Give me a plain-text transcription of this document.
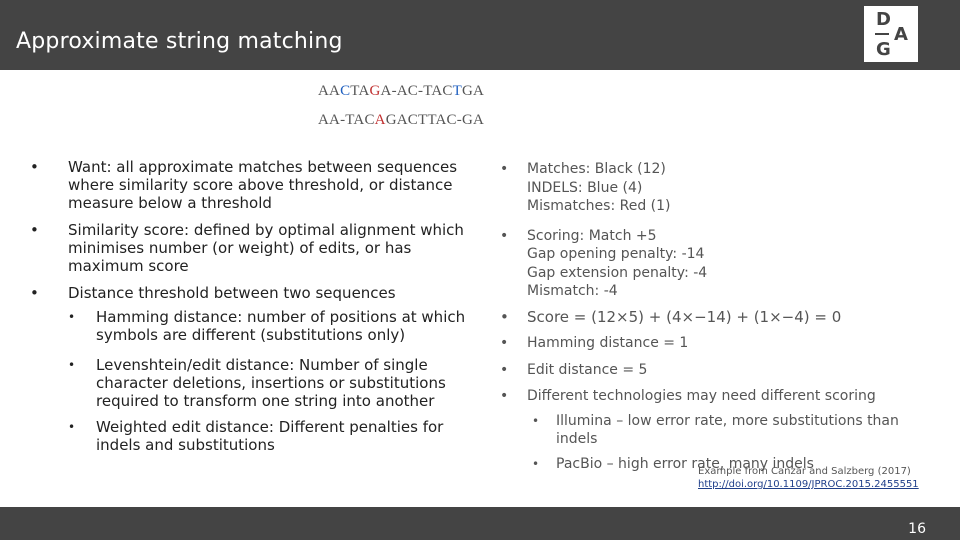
Approximate string matching
D
A
G
AACTAGA-AC-TACTGA
AA-TACAGACTTAC-GA
• Want: all approximate matches between sequences where similarity score above threshold, or distance measure below a threshold
• Similarity score: defined by optimal alignment which minimises number (or weight) of edits, or has maximum score
• Distance threshold between two sequences
• Hamming distance: number of positions at which symbols are different (substitutions only)
• Levenshtein/edit distance: Number of single character deletions, insertions or substitutions required to transform one string into another
• Weighted edit distance: Different penalties for indels and substitutions
• Matches: Black (12)
INDELS: Blue (4)
Mismatches: Red (1)
• Scoring: Match +5
Gap opening penalty: -14
Gap extension penalty: -4
Mismatch: -4
• Score = (12×5) + (4×−14) + (1×−4) = 0
• Hamming distance = 1
• Edit distance = 5
• Different technologies may need different scoring
• Illumina – low error rate, more substitutions than indels
• PacBio – high error rate, many indels
Example from Canzar and Salzberg (2017)
http://doi.org/10.1109/JPROC.2015.2455551
16
